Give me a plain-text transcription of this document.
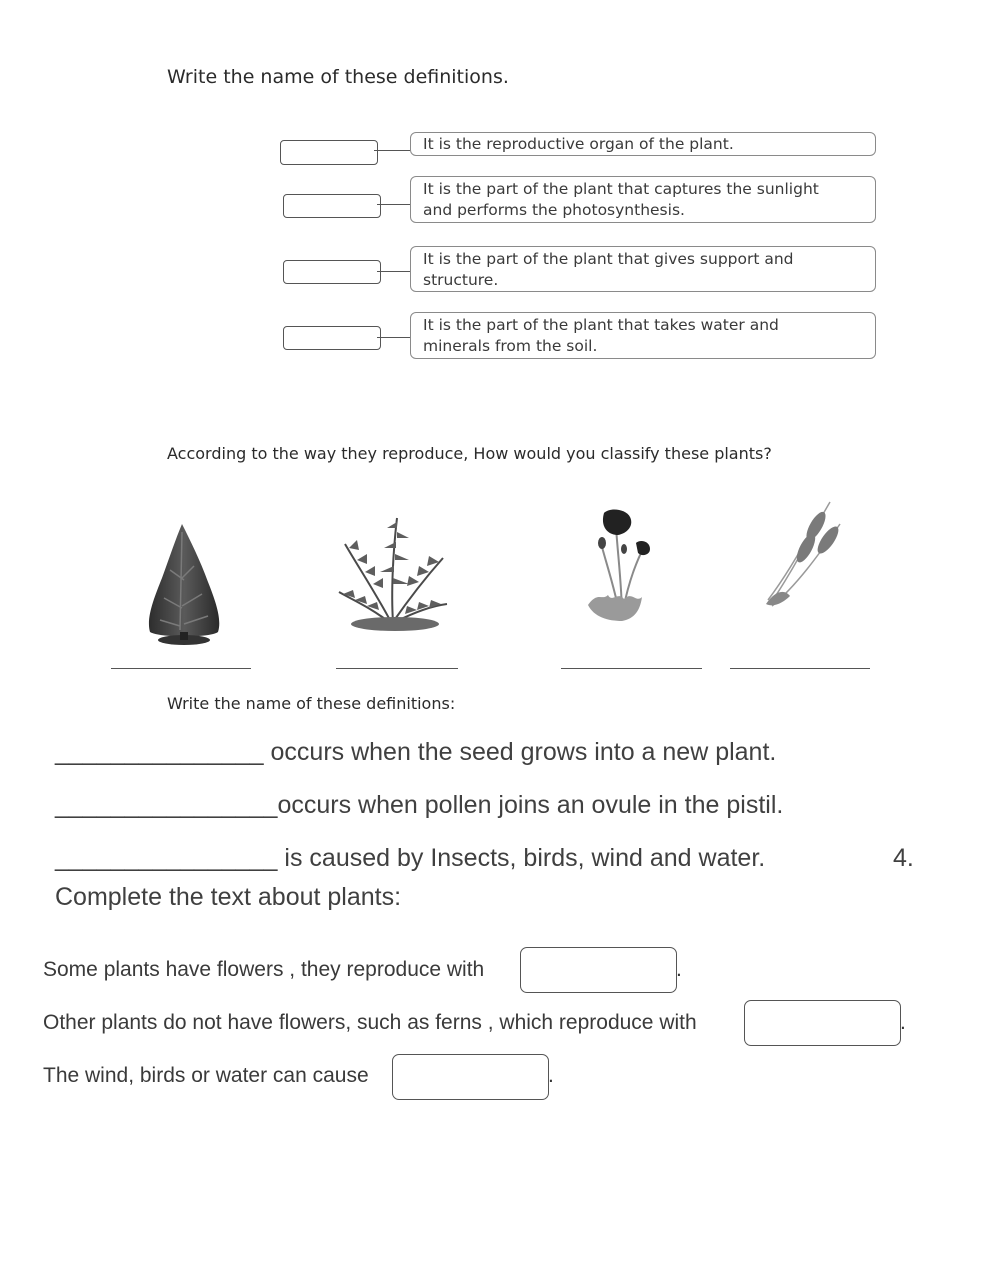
Write the name of these definitions.
It is the reproductive organ of the plant.
It is the part of the plant that captures the sunlight
and performs the photosynthesis.
It is the part of the plant that gives support and
structure.
It is the part of the plant that takes water and
minerals from the soil.
According to the way they reproduce, How would you classify these plants?
Write the name of these definitions:
_______________ occurs when the seed grows into a new plant.
________________occurs when pollen joins an ovule in the pistil.
________________ is caused by Insects, birds, wind and water.	4.
Complete the text about plants:
Some plants have flowers , they reproduce with	.
Other plants do not have flowers, such as ferns , which reproduce with	.
The wind, birds or water can cause	.
